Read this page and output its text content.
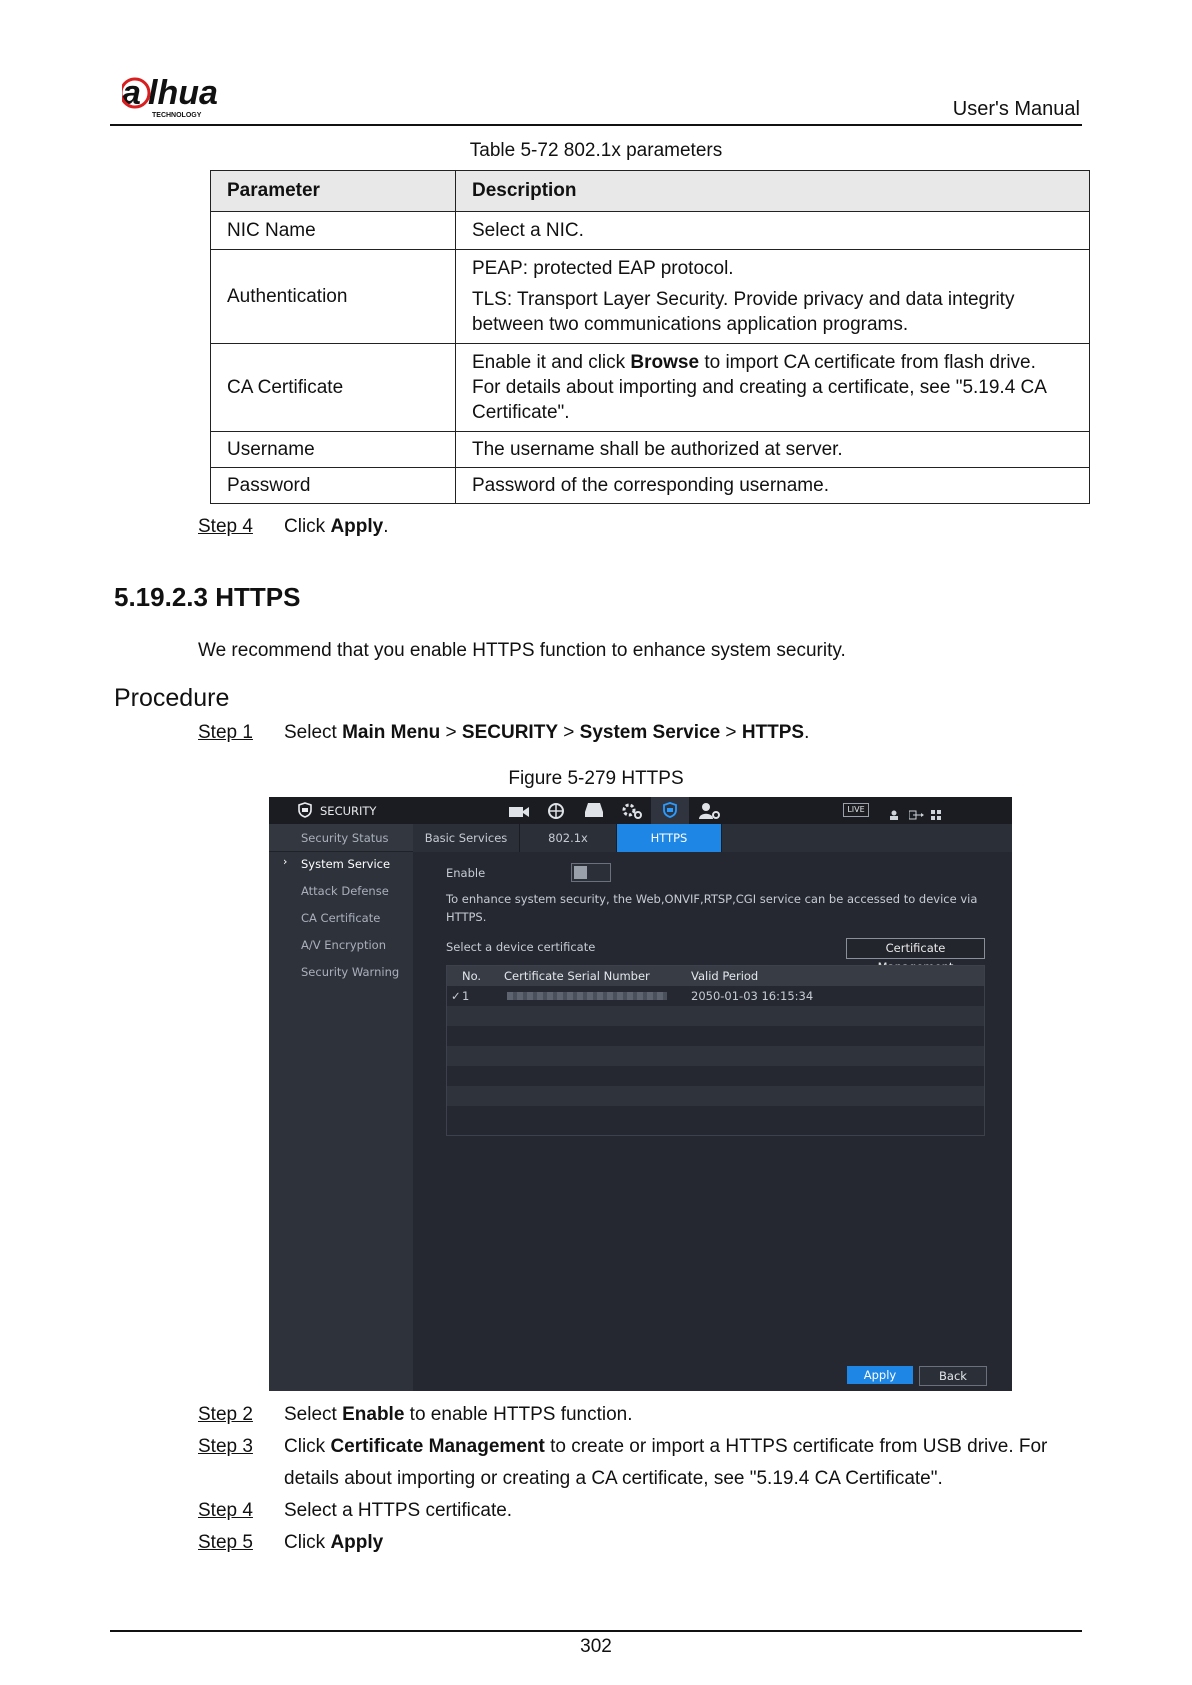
a lhua
TECHNOLOGY	User's Manual
Table 5-72 802.1x parameters
Parameter	Description
NIC Name	Select a NIC.
Authentication	PEAP: protected EAP protocol.
TLS: Transport Layer Security. Provide privacy and data integrity
between two communications application programs.

CA Certificate	Enable it and click Browse to import CA certificate from flash drive.
For details about importing and creating a certificate, see "5.19.4 CA
Certificate".

Username	The username shall be authorized at server.
Password	Password of the corresponding username.
Step 4 Click Apply.
5.19.2.3 HTTPS
We recommend that you enable HTTPS function to enhance system security.
Procedure
Step 1 Select Main Menu > SECURITY > System Service > HTTPS.
Figure 5-279 HTTPS
SECURITY	LIVE
Security Status
› System Service
Attack Defense
CA Certificate
A/V Encryption
Security Warning
Basic Services	802.1x	HTTPS
Enable
To enhance system security, the Web,ONVIF,RTSP,CGI service can be accessed to device via
HTTPS.
Select a device certificate	Certificate
No. Certificate Serial Number	Valid Period
✓ 1	2050-01-03 16:15:34
Apply	Back
Step 2 Select Enable to enable HTTPS function.
Step 3 Click Certificate Management to create or import a HTTPS certificate from USB drive. For
details about importing or creating a CA certificate, see "5.19.4 CA Certificate".
Step 4 Select a HTTPS certificate.
Step 5 Click Apply
302
